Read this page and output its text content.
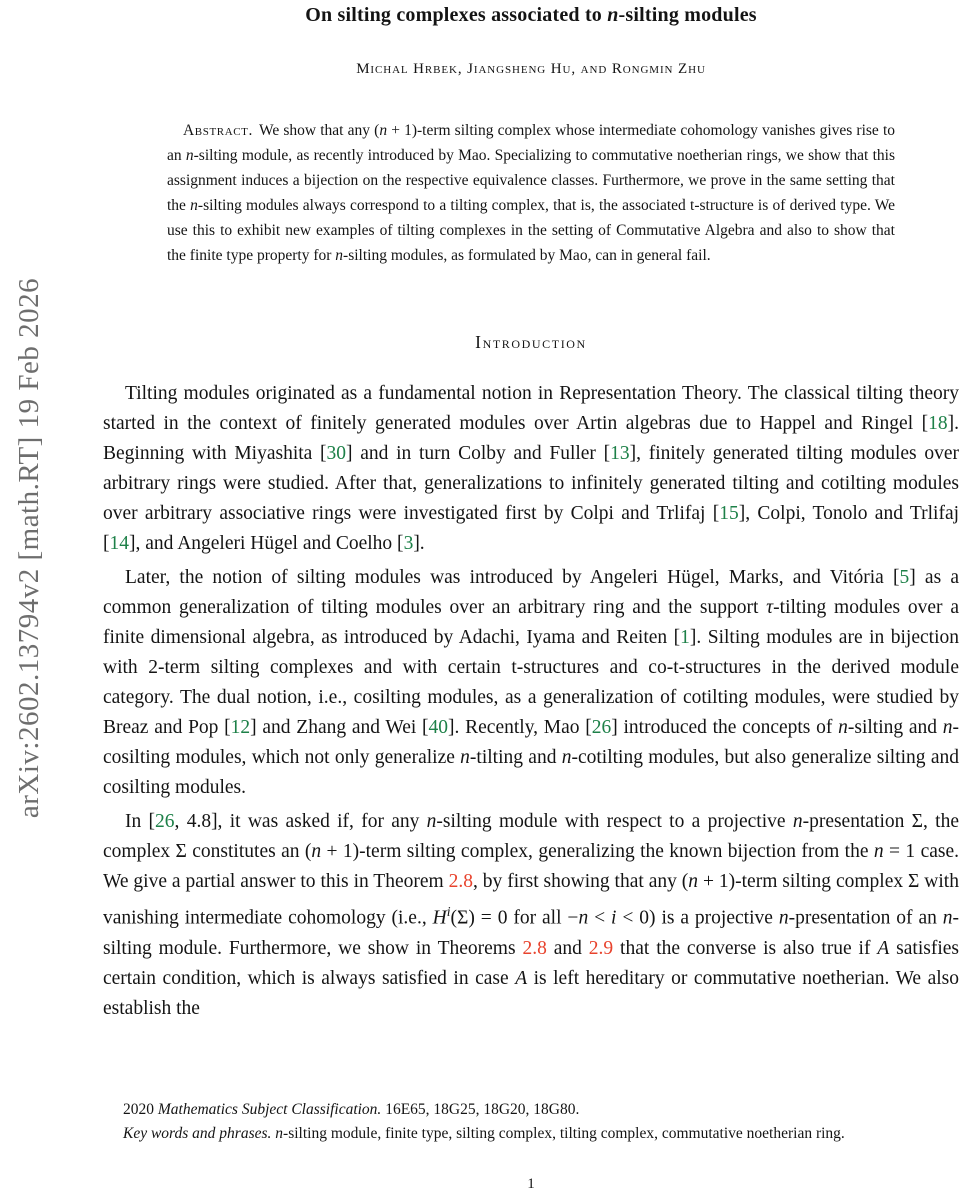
arXiv:2602.13794v2 [math.RT] 19 Feb 2026
On silting complexes associated to n-silting modules
Michal Hrbek, Jiangsheng Hu, and Rongmin Zhu
Abstract. We show that any (n + 1)-term silting complex whose intermediate cohomology vanishes gives rise to an n-silting module, as recently introduced by Mao. Specializing to commutative noetherian rings, we show that this assignment induces a bijection on the respective equivalence classes. Furthermore, we prove in the same setting that the n-silting modules always correspond to a tilting complex, that is, the associated t-structure is of derived type. We use this to exhibit new examples of tilting complexes in the setting of Commutative Algebra and also to show that the finite type property for n-silting modules, as formulated by Mao, can in general fail.
Introduction

Tilting modules originated as a fundamental notion in Representation Theory. The classical tilting theory started in the context of finitely generated modules over Artin algebras due to Happel and Ringel [18]. Beginning with Miyashita [30] and in turn Colby and Fuller [13], finitely generated tilting modules over arbitrary rings were studied. After that, generalizations to infinitely generated tilting and cotilting modules over arbitrary associative rings were investigated first by Colpi and Trlifaj [15], Colpi, Tonolo and Trlifaj [14], and Angeleri Hügel and Coelho [3].

Later, the notion of silting modules was introduced by Angeleri Hügel, Marks, and Vitória [5] as a common generalization of tilting modules over an arbitrary ring and the support τ-tilting modules over a finite dimensional algebra, as introduced by Adachi, Iyama and Reiten [1]. Silting modules are in bijection with 2-term silting complexes and with certain t-structures and co-t-structures in the derived module category. The dual notion, i.e., cosilting modules, as a generalization of cotilting modules, were studied by Breaz and Pop [12] and Zhang and Wei [40]. Recently, Mao [26] introduced the concepts of n-silting and n-cosilting modules, which not only generalize n-tilting and n-cotilting modules, but also generalize silting and cosilting modules.

In [26, 4.8], it was asked if, for any n-silting module with respect to a projective n-presentation Σ, the complex Σ constitutes an (n + 1)-term silting complex, generalizing the known bijection from the n = 1 case. We give a partial answer to this in Theorem 2.8, by first showing that any (n + 1)-term silting complex Σ with vanishing intermediate cohomology (i.e., $H^i(\Sigma) = 0$ for all −n < i < 0) is a projective n-presentation of an n-silting module. Furthermore, we show in Theorems 2.8 and 2.9 that the converse is also true if A satisfies certain condition, which is always satisfied in case A is left hereditary or commutative noetherian. We also establish the

2020 Mathematics Subject Classification. 16E65, 18G25, 18G20, 18G80.

Key words and phrases. n-silting module, finite type, silting complex, tilting complex, commutative noetherian ring.

1
